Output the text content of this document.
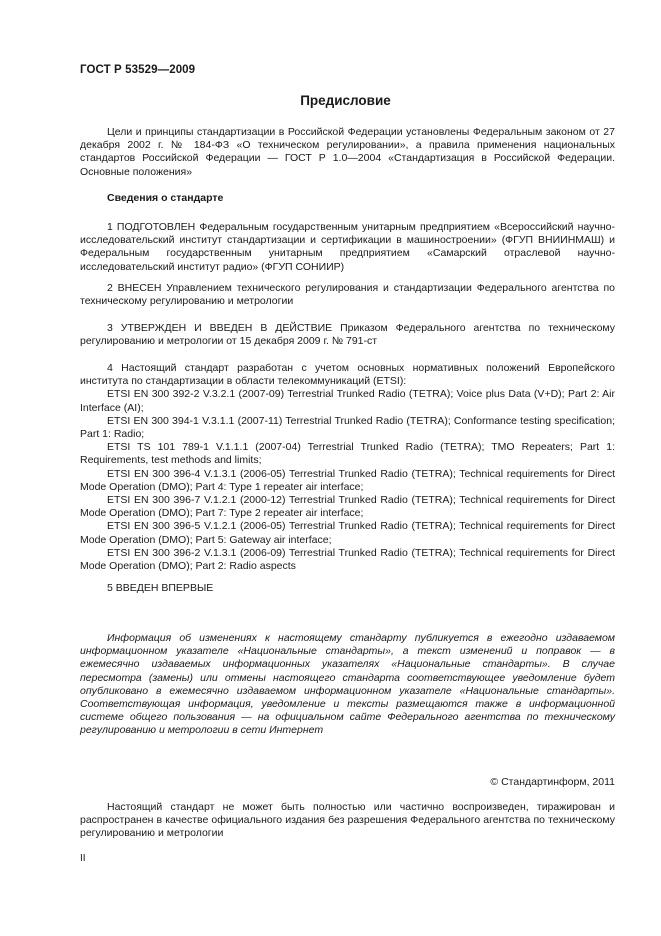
ГОСТ Р 53529—2009
Предисловие

Цели и принципы стандартизации в Российской Федерации установлены Федеральным законом от 27 декабря 2002 г. № 184-ФЗ «О техническом регулировании», а правила применения национальных стандартов Российской Федерации — ГОСТ Р 1.0—2004 «Стандартизация в Российской Федерации. Основные положения»

Сведения о стандарте

1 ПОДГОТОВЛЕН Федеральным государственным унитарным предприятием «Всероссийский научно-исследовательский институт стандартизации и сертификации в машиностроении» (ФГУП ВНИИНМАШ) и Федеральным государственным унитарным предприятием «Самарский отраслевой научно-исследовательский институт радио» (ФГУП СОНИИР)

2 ВНЕСЕН Управлением технического регулирования и стандартизации Федерального агентства по техническому регулированию и метрологии

3 УТВЕРЖДЕН И ВВЕДЕН В ДЕЙСТВИЕ Приказом Федерального агентства по техническому регулированию и метрологии от 15 декабря 2009 г. № 791-ст

4 Настоящий стандарт разработан с учетом основных нормативных положений Европейского института по стандартизации в области телекоммуникаций (ETSI):

ETSI EN 300 392-2 V.3.2.1 (2007-09) Terrestrial Trunked Radio (TETRA); Voice plus Data (V+D); Part 2: Air Interface (AI);

ETSI EN 300 394-1 V.3.1.1 (2007-11) Terrestrial Trunked Radio (TETRA); Conformance testing specification; Part 1: Radio;

ETSI TS 101 789-1 V.1.1.1 (2007-04) Terrestrial Trunked Radio (TETRA); TMO Repeaters; Part 1: Requirements, test methods and limits;

ETSI EN 300 396-4 V.1.3.1 (2006-05) Terrestrial Trunked Radio (TETRA); Technical requirements for Direct Mode Operation (DMO); Part 4: Type 1 repeater air interface;

ETSI EN 300 396-7 V.1.2.1 (2000-12) Terrestrial Trunked Radio (TETRA); Technical requirements for Direct Mode Operation (DMO); Part 7: Type 2 repeater air interface;

ETSI EN 300 396-5 V.1.2.1 (2006-05) Terrestrial Trunked Radio (TETRA); Technical requirements for Direct Mode Operation (DMO); Part 5: Gateway air interface;

ETSI EN 300 396-2 V.1.3.1 (2006-09) Terrestrial Trunked Radio (TETRA); Technical requirements for Direct Mode Operation (DMO); Part 2: Radio aspects

5 ВВЕДЕН ВПЕРВЫЕ

Информация об изменениях к настоящему стандарту публикуется в ежегодно издаваемом информационном указателе «Национальные стандарты», а текст изменений и поправок — в ежемесячно издаваемых информационных указателях «Национальные стандарты». В случае пересмотра (замены) или отмены настоящего стандарта соответствующее уведомление будет опубликовано в ежемесячно издаваемом информационном указателе «Национальные стандарты». Соответствующая информация, уведомление и тексты размещаются также в информационной системе общего пользования — на официальном сайте Федерального агентства по техническому регулированию и метрологии в сети Интернет

© Стандартинформ, 2011

Настоящий стандарт не может быть полностью или частично воспроизведен, тиражирован и распространен в качестве официального издания без разрешения Федерального агентства по техническому регулированию и метрологии

II
